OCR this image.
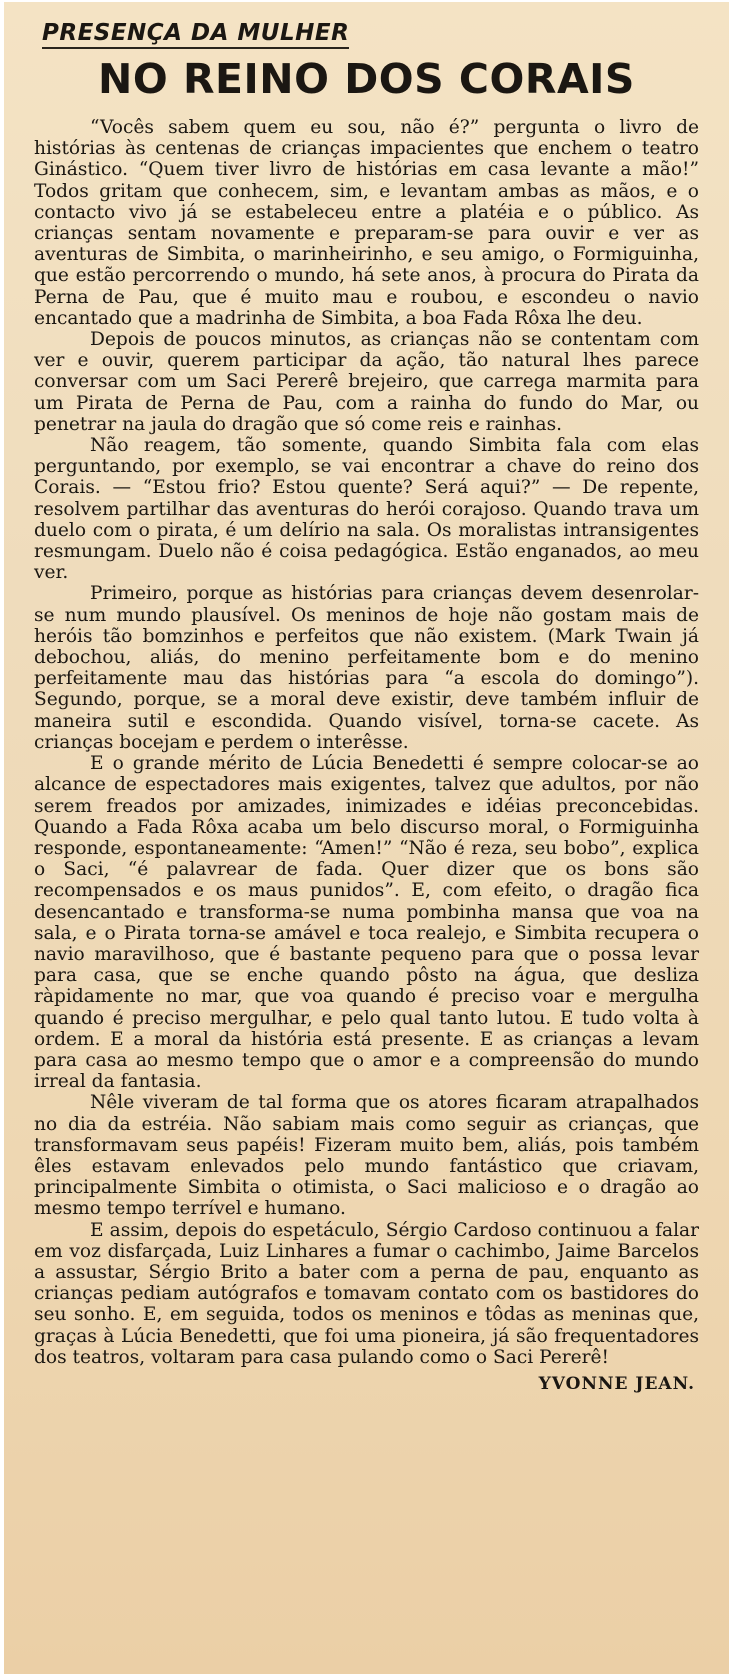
PRESENÇA DA MULHER
NO REINO DOS CORAIS

“Vocês sabem quem eu sou, não é?” pergunta o livro de histórias às centenas de crianças impacientes que enchem o teatro Ginástico. “Quem tiver livro de histórias em casa levante a mão!” Todos gritam que conhecem, sim, e levantam ambas as mãos, e o contacto vivo já se estabeleceu entre a platéia e o público. As crianças sentam novamente e preparam-se para ouvir e ver as aventuras de Simbita, o marinheirinho, e seu amigo, o Formiguinha, que estão percorrendo o mundo, há sete anos, à procura do Pirata da Perna de Pau, que é muito mau e roubou, e escondeu o navio encantado que a madrinha de Simbita, a boa Fada Rôxa lhe deu.

Depois de poucos minutos, as crianças não se contentam com ver e ouvir, querem participar da ação, tão natural lhes parece conversar com um Saci Pererê brejeiro, que carrega marmita para um Pirata de Perna de Pau, com a rainha do fundo do Mar, ou penetrar na jaula do dragão que só come reis e rainhas.

Não reagem, tão somente, quando Simbita fala com elas perguntando, por exemplo, se vai encontrar a chave do reino dos Corais. — “Estou frio? Estou quente? Será aqui?” — De repente, resolvem partilhar das aventuras do herói corajoso. Quando trava um duelo com o pirata, é um delírio na sala. Os moralistas intransigentes resmungam. Duelo não é coisa pedagógica. Estão enganados, ao meu ver.

Primeiro, porque as histórias para crianças devem desenrolar-se num mundo plausível. Os meninos de hoje não gostam mais de heróis tão bomzinhos e perfeitos que não existem. (Mark Twain já debochou, aliás, do menino perfeitamente bom e do menino perfeitamente mau das histórias para “a escola do domingo”). Segundo, porque, se a moral deve existir, deve também influir de maneira sutil e escondida. Quando visível, torna-se cacete. As crianças bocejam e perdem o interêsse.

E o grande mérito de Lúcia Benedetti é sempre colocar-se ao alcance de espectadores mais exigentes, talvez que adultos, por não serem freados por amizades, inimizades e idéias preconcebidas. Quando a Fada Rôxa acaba um belo discurso moral, o Formiguinha responde, espontaneamente: “Amen!” “Não é reza, seu bobo”, explica o Saci, “é palavrear de fada. Quer dizer que os bons são recompensados e os maus punidos”. E, com efeito, o dragão fica desencantado e transforma-se numa pombinha mansa que voa na sala, e o Pirata torna-se amável e toca realejo, e Simbita recupera o navio maravilhoso, que é bastante pequeno para que o possa levar para casa, que se enche quando pôsto na água, que desliza ràpidamente no mar, que voa quando é preciso voar e mergulha quando é preciso mergulhar, e pelo qual tanto lutou. E tudo volta à ordem. E a moral da história está presente. E as crianças a levam para casa ao mesmo tempo que o amor e a compreensão do mundo irreal da fantasia.

Nêle viveram de tal forma que os atores ficaram atrapalhados no dia da estréia. Não sabiam mais como seguir as crianças, que transformavam seus papéis! Fizeram muito bem, aliás, pois também êles estavam enlevados pelo mundo fantástico que criavam, principalmente Simbita o otimista, o Saci malicioso e o dragão ao mesmo tempo terrível e humano.

E assim, depois do espetáculo, Sérgio Cardoso continuou a falar em voz disfarçada, Luiz Linhares a fumar o cachimbo, Jaime Barcelos a assustar, Sérgio Brito a bater com a perna de pau, enquanto as crianças pediam autógrafos e tomavam contato com os bastidores do seu sonho. E, em seguida, todos os meninos e tôdas as meninas que, graças à Lúcia Benedetti, que foi uma pioneira, já são frequentadores dos teatros, voltaram para casa pulando como o Saci Pererê!

YVONNE JEAN.
